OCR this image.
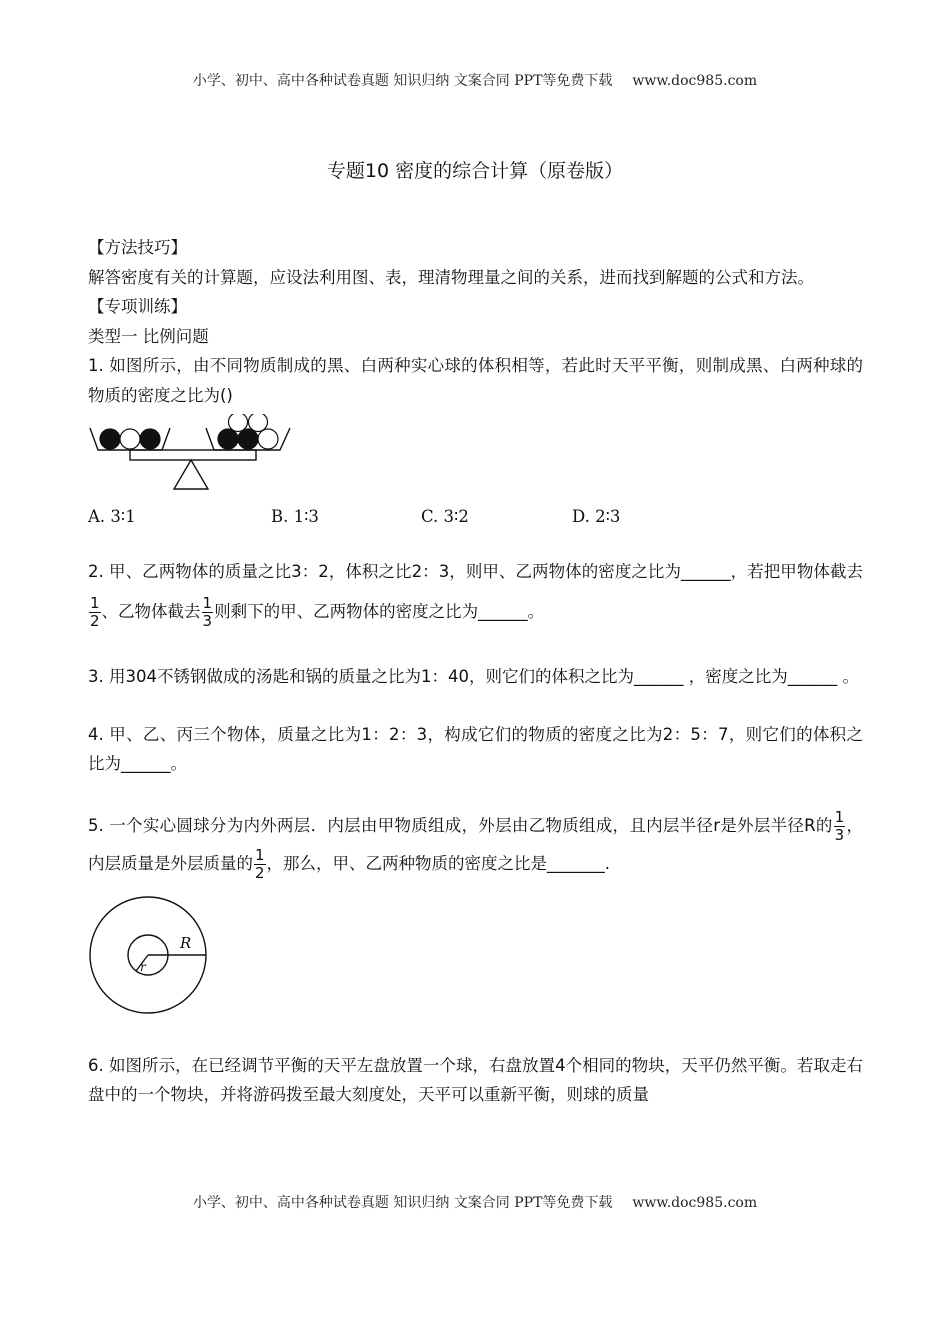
小学、初中、高中各种试卷真题 知识归纳 文案合同 PPT等免费下载 www.doc985.com
专题10 密度的综合计算（原卷版）

【方法技巧】

解答密度有关的计算题，应设法利用图、表，理清物理量之间的关系，进而找到解题的公式和方法。

【专项训练】

类型一 比例问题

1. 如图所示，由不同物质制成的黑、白两种实心球的体积相等，若此时天平平衡，则制成黑、白两种球的物质的密度之比为()

A. 3∶1	B. 1∶3	C. 3∶2	D. 2∶3

2. 甲、乙两物体的质量之比3：2，体积之比2：3，则甲、乙两物体的密度之比为______，若把甲物体截去
$\frac{1}{2}$ 、乙物体截去 $\frac{1}{3}$ 则剩下的甲、乙两物体的密度之比为______。

3. 用304不锈钢做成的汤匙和锅的质量之比为1：40，则它们的体积之比为______ ，密度之比为______ 。

4. 甲、乙、丙三个物体，质量之比为1：2：3，构成它们的物质的密度之比为2：5：7，则它们的体积之比为______。

5. 一个实心圆球分为内外两层．内层由甲物质组成，外层由乙物质组成，且内层半径r是外层半径R的 $\frac{1}{3}$ ，内层质量是外层质量的 $\frac{1}{2}$ ，那么，甲、乙两种物质的密度之比是_______.

R
r

6. 如图所示，在已经调节平衡的天平左盘放置一个球，右盘放置4个相同的物块，天平仍然平衡。若取走右盘中的一个物块，并将游码拨至最大刻度处，天平可以重新平衡，则球的质量

小学、初中、高中各种试卷真题 知识归纳 文案合同 PPT等免费下载 www.doc985.com
